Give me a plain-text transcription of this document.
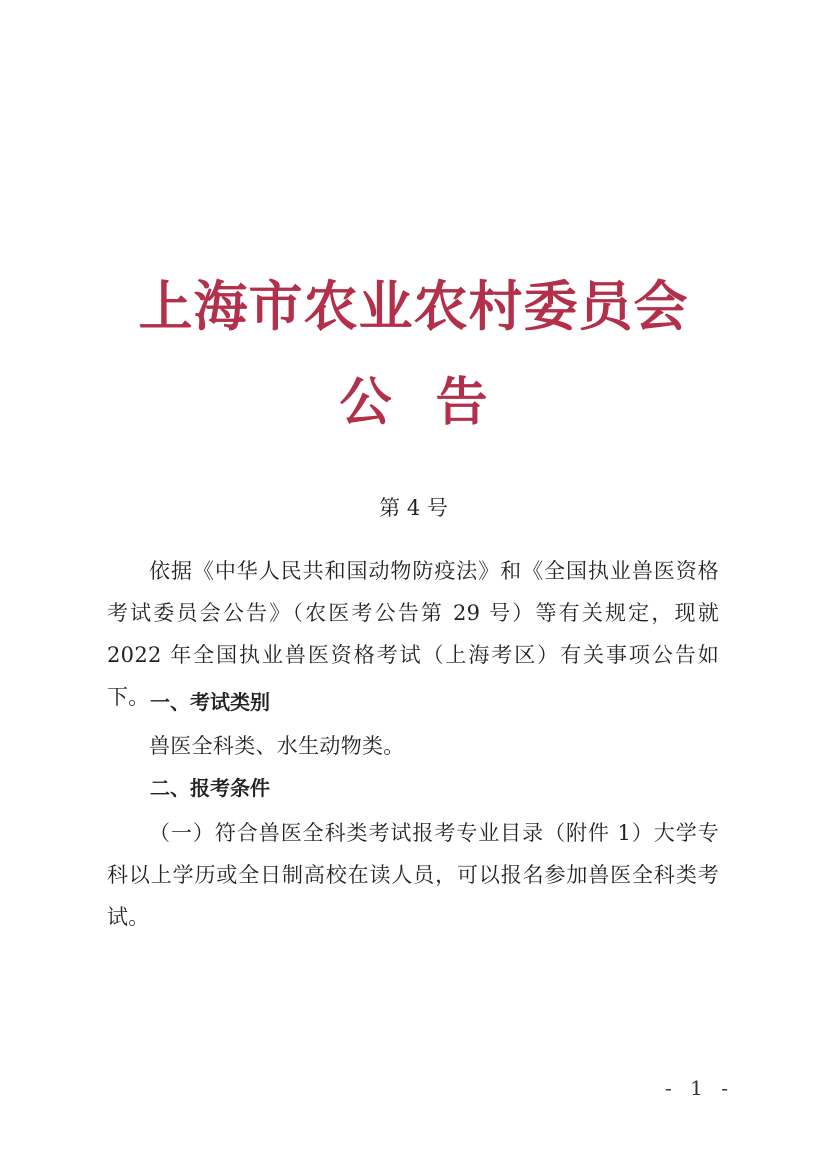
上海市农业农村委员会
公告
第 4 号
依据《中华人民共和国动物防疫法》和《全国执业兽医资格考试委员会公告》（农医考公告第 29 号）等有关规定，现就 2022 年全国执业兽医资格考试（上海考区）有关事项公告如下。 一、考试类别
兽医全科类、水生动物类。
二、报考条件
（一）符合兽医全科类考试报考专业目录（附件 1）大学专科以上学历或全日制高校在读人员，可以报名参加兽医全科类考试。
- 1 -
